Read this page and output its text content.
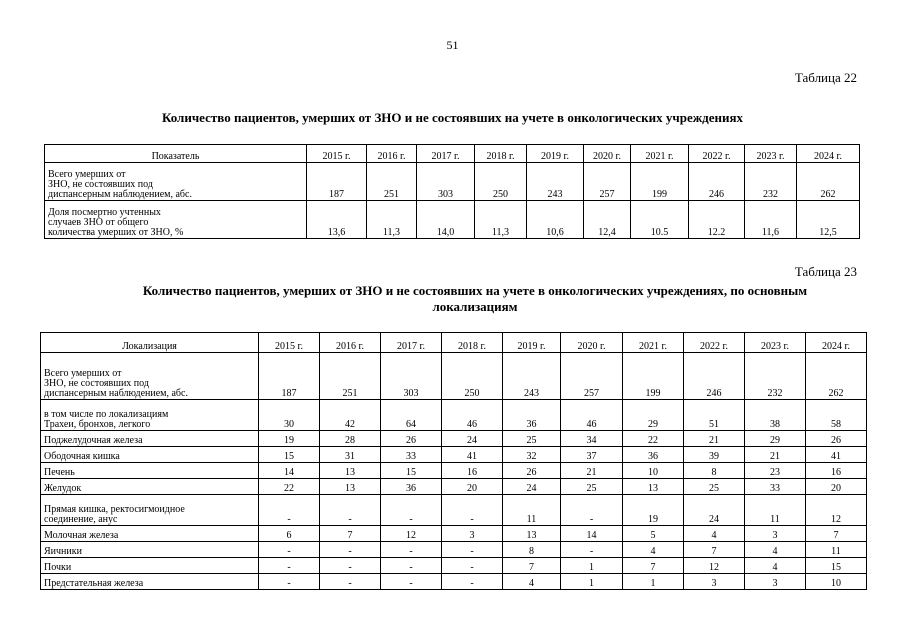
51
Таблица 22
Количество пациентов, умерших от ЗНО и не состоявших на учете в онкологических учреждениях
Показатель	2015 г.	2016 г.	2017 г.	2018 г.	2019 г.	2020 г.	2021 г.	2022 г.	2023 г.	2024 г.

Всего умерших от
ЗНО, не состоявших под
диспансерным наблюдением, абс.	187	251	303	250	243	257	199	246	232	262

Доля посмертно учтенных
случаев ЗНО от общего
количества умерших от ЗНО, %	13,6	11,3	14,0	11,3	10,6	12,4	10.5	12.2	11,6	12,5
Таблица 23
Количество пациентов, умерших от ЗНО и не состоявших на учете в онкологических учреждениях, по основным
локализациям
Локализация	2015 г.	2016 г.	2017 г.	2018 г.	2019 г.	2020 г.	2021 г.	2022 г.	2023 г.	2024 г.

Всего умерших от
ЗНО, не состоявших под
диспансерным наблюдением, абс.	187	251	303	250	243	257	199	246	232	262

в том числе по локализациям
Трахеи, бронхов, легкого	30	42	64	46	36	46	29	51	38	58
Поджелудочная железа	19	28	26	24	25	34	22	21	29	26
Ободочная кишка	15	31	33	41	32	37	36	39	21	41
Печень	14	13	15	16	26	21	10	8	23	16
Желудок	22	13	36	20	24	25	13	25	33	20

Прямая кишка, ректосигмоидное
соединение, анус	-	-	-	-	11	-	19	24	11	12
Молочная железа	6	7	12	3	13	14	5	4	3	7
Яичники	-	-	-	-	8	-	4	7	4	11
Почки	-	-	-	-	7	1	7	12	4	15
Предстательная железа	-	-	-	-	4	1	1	3	3	10
